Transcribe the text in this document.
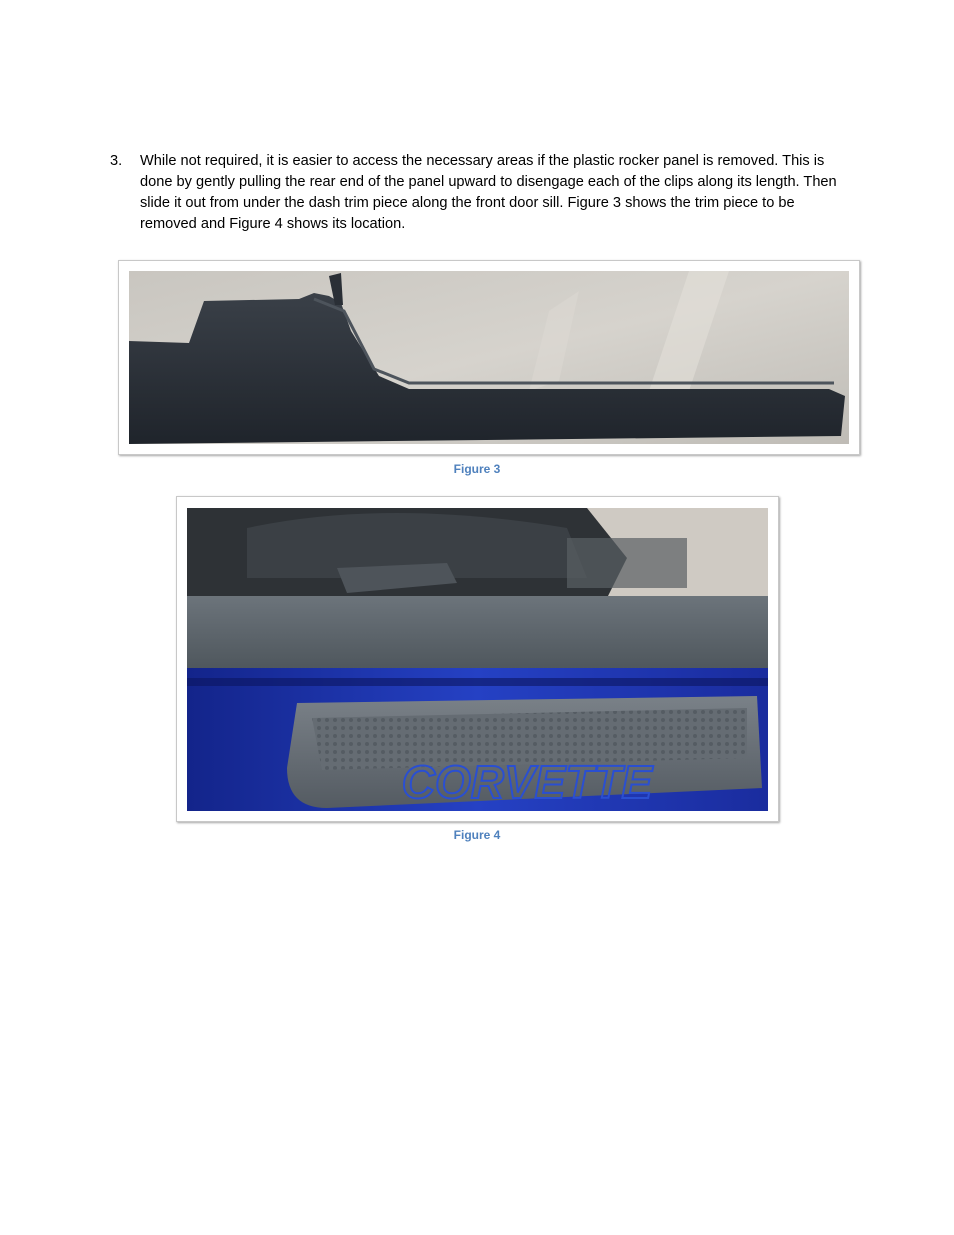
3. While not required, it is easier to access the necessary areas if the plastic rocker panel is removed. This is done by gently pulling the rear end of the panel upward to disengage each of the clips along its length. Then slide it out from under the dash trim piece along the front door sill. Figure 3 shows the trim piece to be removed and Figure 4 shows its location.
Figure 3
CORVETTE
Figure 4
